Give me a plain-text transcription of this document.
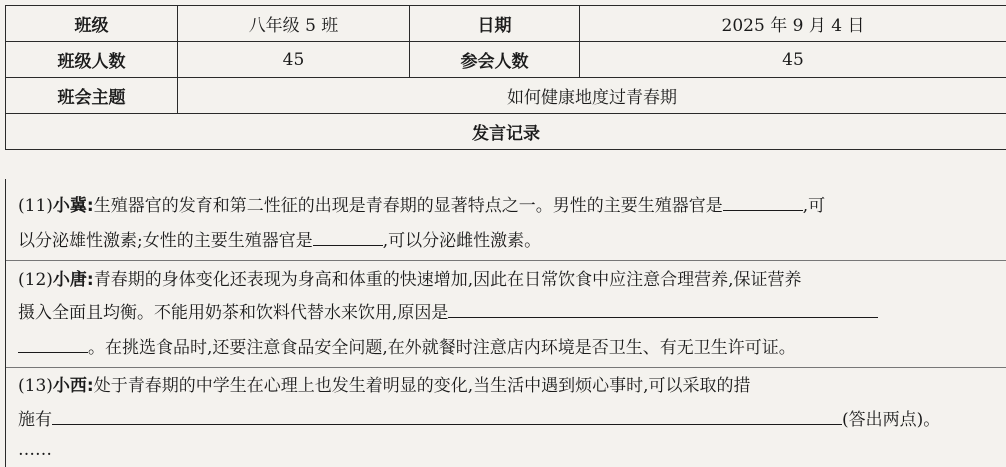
班级	八年级 5 班	日期	2025 年 9 月 4 日
班级人数	45	参会人数	45
班会主题	如何健康地度过青春期		
发言记录			
(11)小冀:生殖器官的发育和第二性征的出现是青春期的显著特点之一。男性的主要生殖器官是	,可
以分泌雄性激素;女性的主要生殖器官是	,可以分泌雌性激素。
(12)小唐:青春期的身体变化还表现为身高和体重的快速增加,因此在日常饮食中应注意合理营养,保证营养
摄入全面且均衡。不能用奶茶和饮料代替水来饮用,原因是
。在挑选食品时,还要注意食品安全问题,在外就餐时注意店内环境是否卫生、有无卫生许可证。
(13)小西:处于青春期的中学生在心理上也发生着明显的变化,当生活中遇到烦心事时,可以采取的措
施有	(答出两点)。
……
